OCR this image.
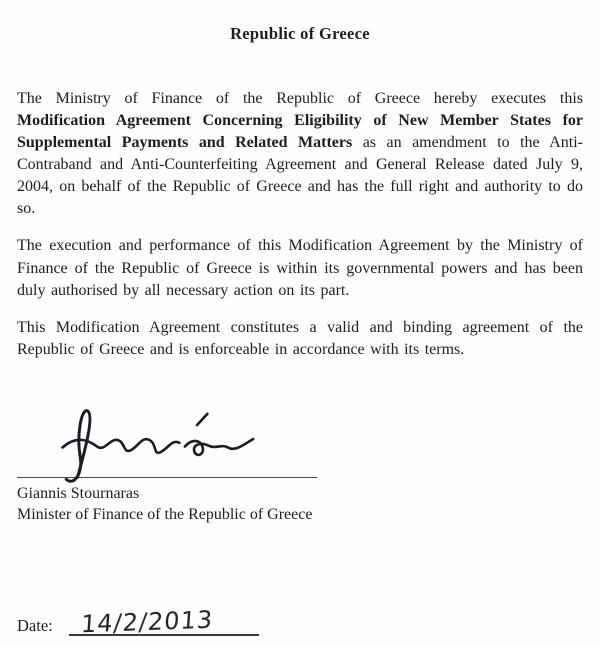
Republic of Greece

The Ministry of Finance of the Republic of Greece hereby executes this Modification Agreement Concerning Eligibility of New Member States for Supplemental Payments and Related Matters as an amendment to the Anti-Contraband and Anti-Counterfeiting Agreement and General Release dated July 9, 2004, on behalf of the Republic of Greece and has the full right and authority to do so.

The execution and performance of this Modification Agreement by the Ministry of Finance of the Republic of Greece is within its governmental powers and has been duly authorised by all necessary action on its part.

This Modification Agreement constitutes a valid and binding agreement of the Republic of Greece and is enforceable in accordance with its terms.

Giannis Stournaras
Minister of Finance of the Republic of Greece
Date: 14/2/2013
